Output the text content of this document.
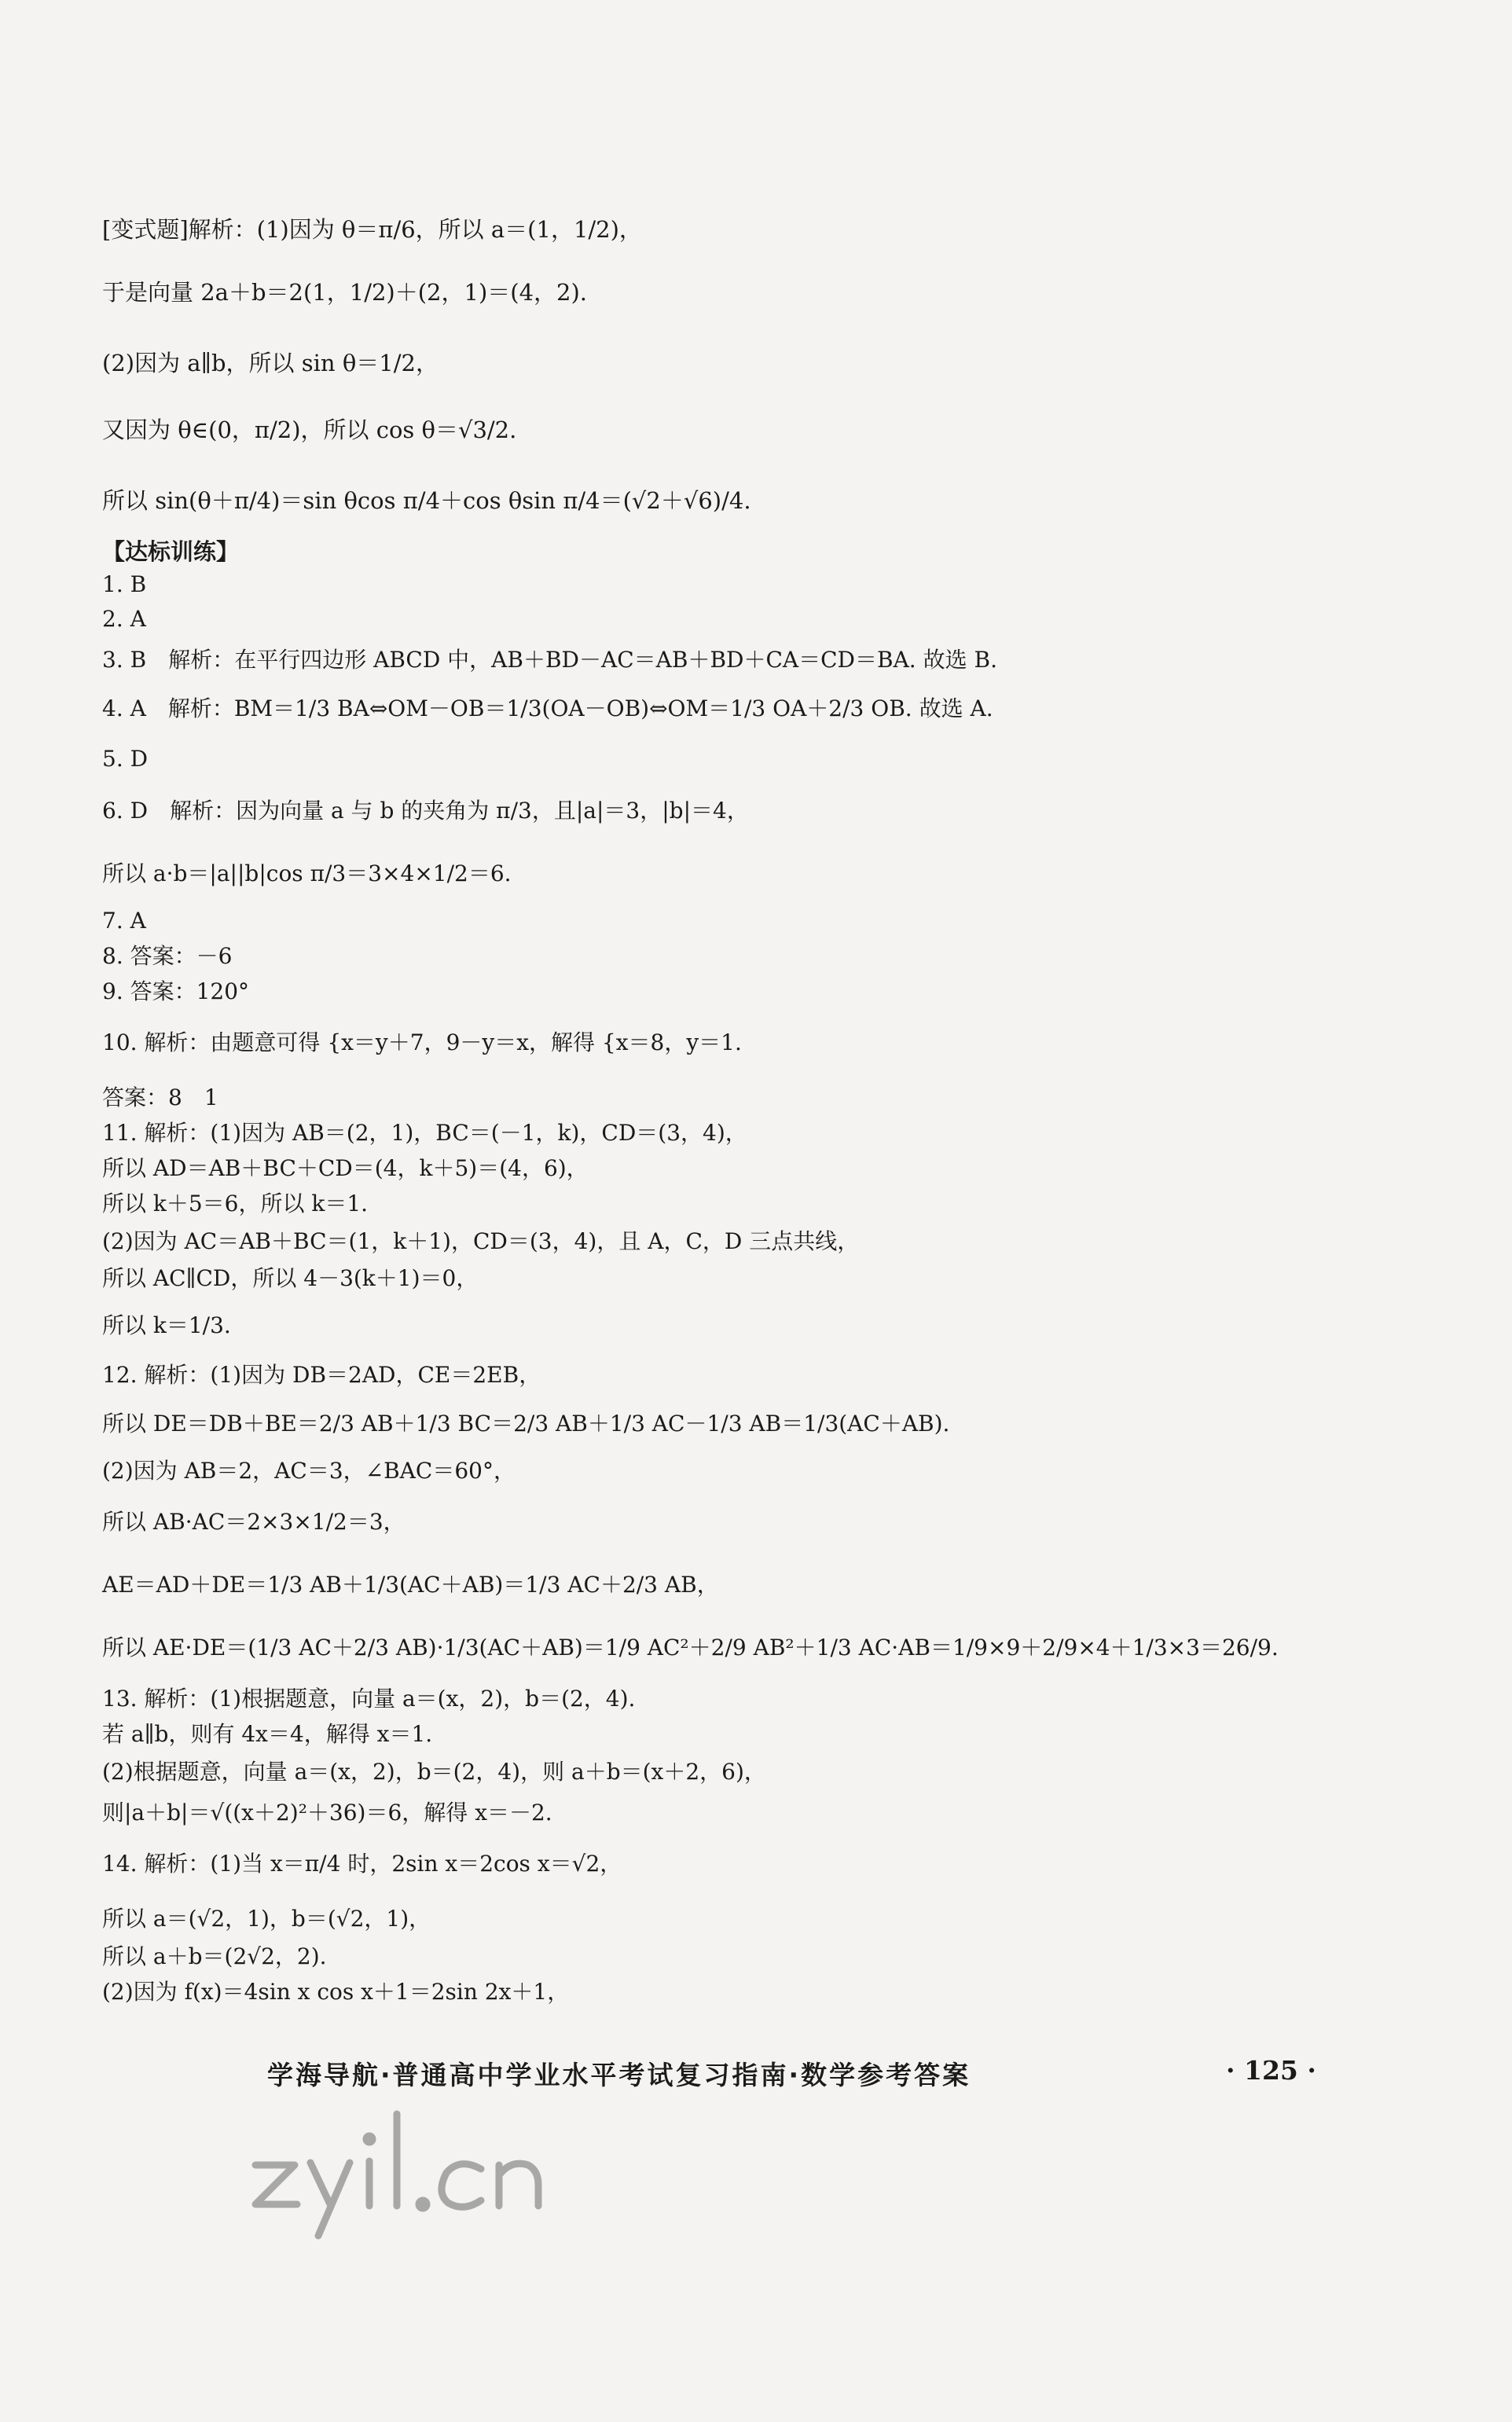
[变式题]解析：(1)因为 θ＝π/6，所以 a＝(1，1/2)，
于是向量 2a＋b＝2(1，1/2)＋(2，1)＝(4，2).
(2)因为 a∥b，所以 sin θ＝1/2，
又因为 θ∈(0，π/2)，所以 cos θ＝√3/2.
所以 sin(θ＋π/4)＝sin θcos π/4＋cos θsin π/4＝(√2＋√6)/4.
【达标训练】
1. B
2. A
3. B　解析：在平行四边形 ABCD 中，AB＋BD－AC＝AB＋BD＋CA＝CD＝BA. 故选 B.
4. A　解析：BM＝1/3 BA⇔OM－OB＝1/3(OA－OB)⇔OM＝1/3 OA＋2/3 OB. 故选 A.
5. D
6. D　解析：因为向量 a 与 b 的夹角为 π/3，且|a|＝3，|b|＝4，
所以 a·b＝|a||b|cos π/3＝3×4×1/2＝6.
7. A
8. 答案：－6
9. 答案：120°
10. 解析：由题意可得 {x＝y＋7，9－y＝x，解得 {x＝8，y＝1.
答案：8　1
11. 解析：(1)因为 AB＝(2，1)，BC＝(－1，k)，CD＝(3，4)，
所以 AD＝AB＋BC＋CD＝(4，k＋5)＝(4，6)，
所以 k＋5＝6，所以 k＝1.
(2)因为 AC＝AB＋BC＝(1，k＋1)，CD＝(3，4)，且 A，C，D 三点共线，
所以 AC∥CD，所以 4－3(k＋1)＝0，
所以 k＝1/3.
12. 解析：(1)因为 DB＝2AD，CE＝2EB，
所以 DE＝DB＋BE＝2/3 AB＋1/3 BC＝2/3 AB＋1/3 AC－1/3 AB＝1/3(AC＋AB).
(2)因为 AB＝2，AC＝3，∠BAC＝60°，
所以 AB·AC＝2×3×1/2＝3，
AE＝AD＋DE＝1/3 AB＋1/3(AC＋AB)＝1/3 AC＋2/3 AB，
所以 AE·DE＝(1/3 AC＋2/3 AB)·1/3(AC＋AB)＝1/9 AC²＋2/9 AB²＋1/3 AC·AB＝1/9×9＋2/9×4＋1/3×3＝26/9.
13. 解析：(1)根据题意，向量 a＝(x，2)，b＝(2，4).
若 a∥b，则有 4x＝4，解得 x＝1.
(2)根据题意，向量 a＝(x，2)，b＝(2，4)，则 a＋b＝(x＋2，6)，
则|a＋b|＝√((x＋2)²＋36)＝6，解得 x＝－2.
14. 解析：(1)当 x＝π/4 时，2sin x＝2cos x＝√2，
所以 a＝(√2，1)，b＝(√2，1)，
所以 a＋b＝(2√2，2).
(2)因为 f(x)＝4sin x cos x＋1＝2sin 2x＋1，
学海导航·普通高中学业水平考试复习指南·数学参考答案	· 125 ·
